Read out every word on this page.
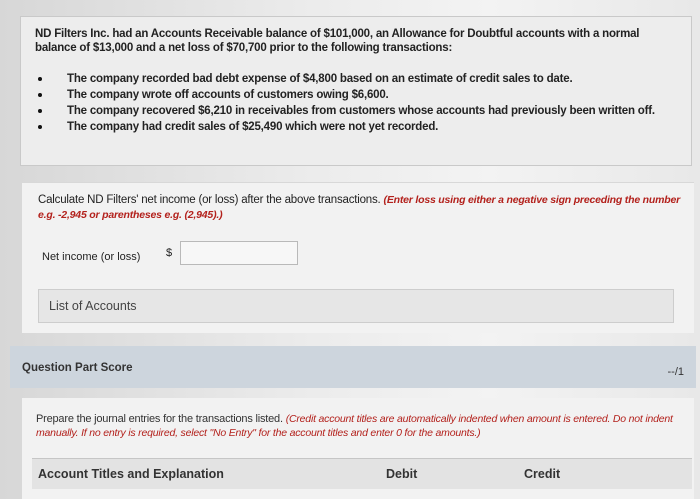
ND Filters Inc. had an Accounts Receivable balance of $101,000, an Allowance for Doubtful accounts with a normal balance of $13,000 and a net loss of $70,700 prior to the following transactions:
The company recorded bad debt expense of $4,800 based on an estimate of credit sales to date.
The company wrote off accounts of customers owing $6,600.
The company recovered $6,210 in receivables from customers whose accounts had previously been written off.
The company had credit sales of $25,490 which were not yet recorded.
Calculate ND Filters' net income (or loss) after the above transactions. (Enter loss using either a negative sign preceding the number e.g. -2,945 or parentheses e.g. (2,945).)
Net income (or loss) $
List of Accounts
Question Part Score	--/1
Prepare the journal entries for the transactions listed. (Credit account titles are automatically indented when amount is entered. Do not indent manually. If no entry is required, select "No Entry" for the account titles and enter 0 for the amounts.)
Account Titles and Explanation	Debit	Credit
